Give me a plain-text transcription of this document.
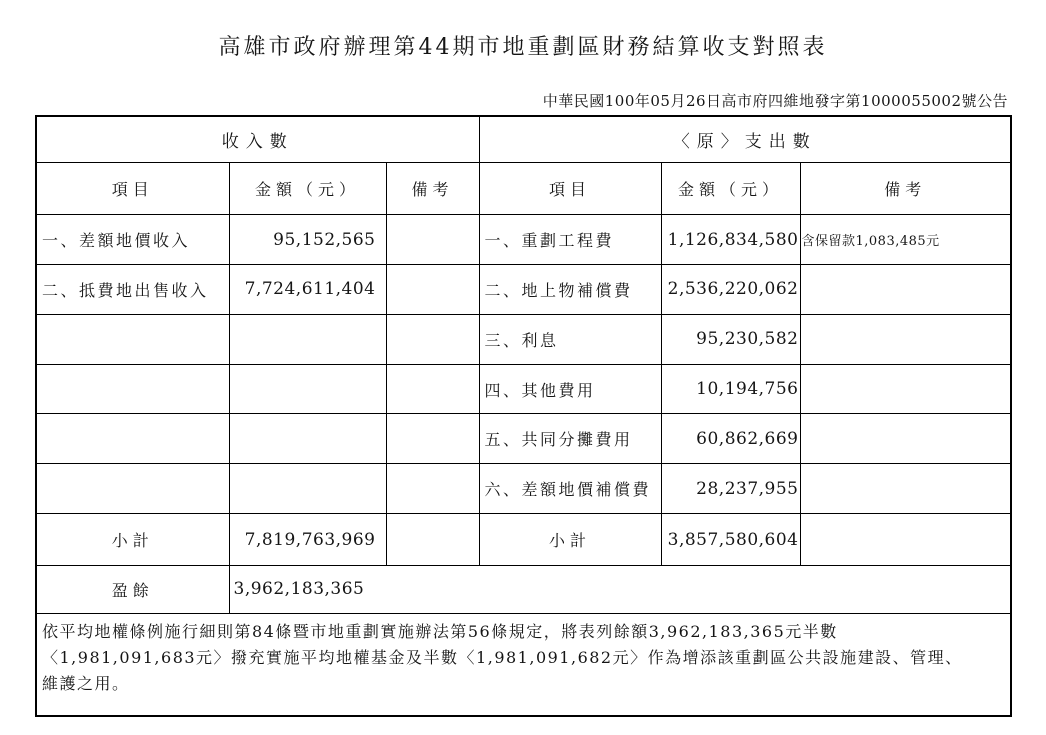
高雄市政府辦理第44期市地重劃區財務結算收支對照表
中華民國100年05月26日高市府四維地發字第1000055002號公告
收入數			〈原〉支出數		
項目	金額（元）	備考	項目	金額（元）	備考
一、差額地價收入	95,152,565		一、重劃工程費	1,126,834,580	含保留款1,083,485元
二、抵費地出售收入	7,724,611,404		二、地上物補償費	2,536,220,062	
			三、利息	95,230,582	
			四、其他費用	10,194,756	
			五、共同分攤費用	60,862,669	
			六、差額地價補償費	28,237,955	
小計	7,819,763,969		小計	3,857,580,604	
盈餘	3,962,183,365				

依平均地權條例施行細則第84條暨市地重劃實施辦法第56條規定，將表列餘額3,962,183,365元半數
〈1,981,091,683元〉撥充實施平均地權基金及半數〈1,981,091,682元〉作為增添該重劃區公共設施建設、管理、
維護之用。					
